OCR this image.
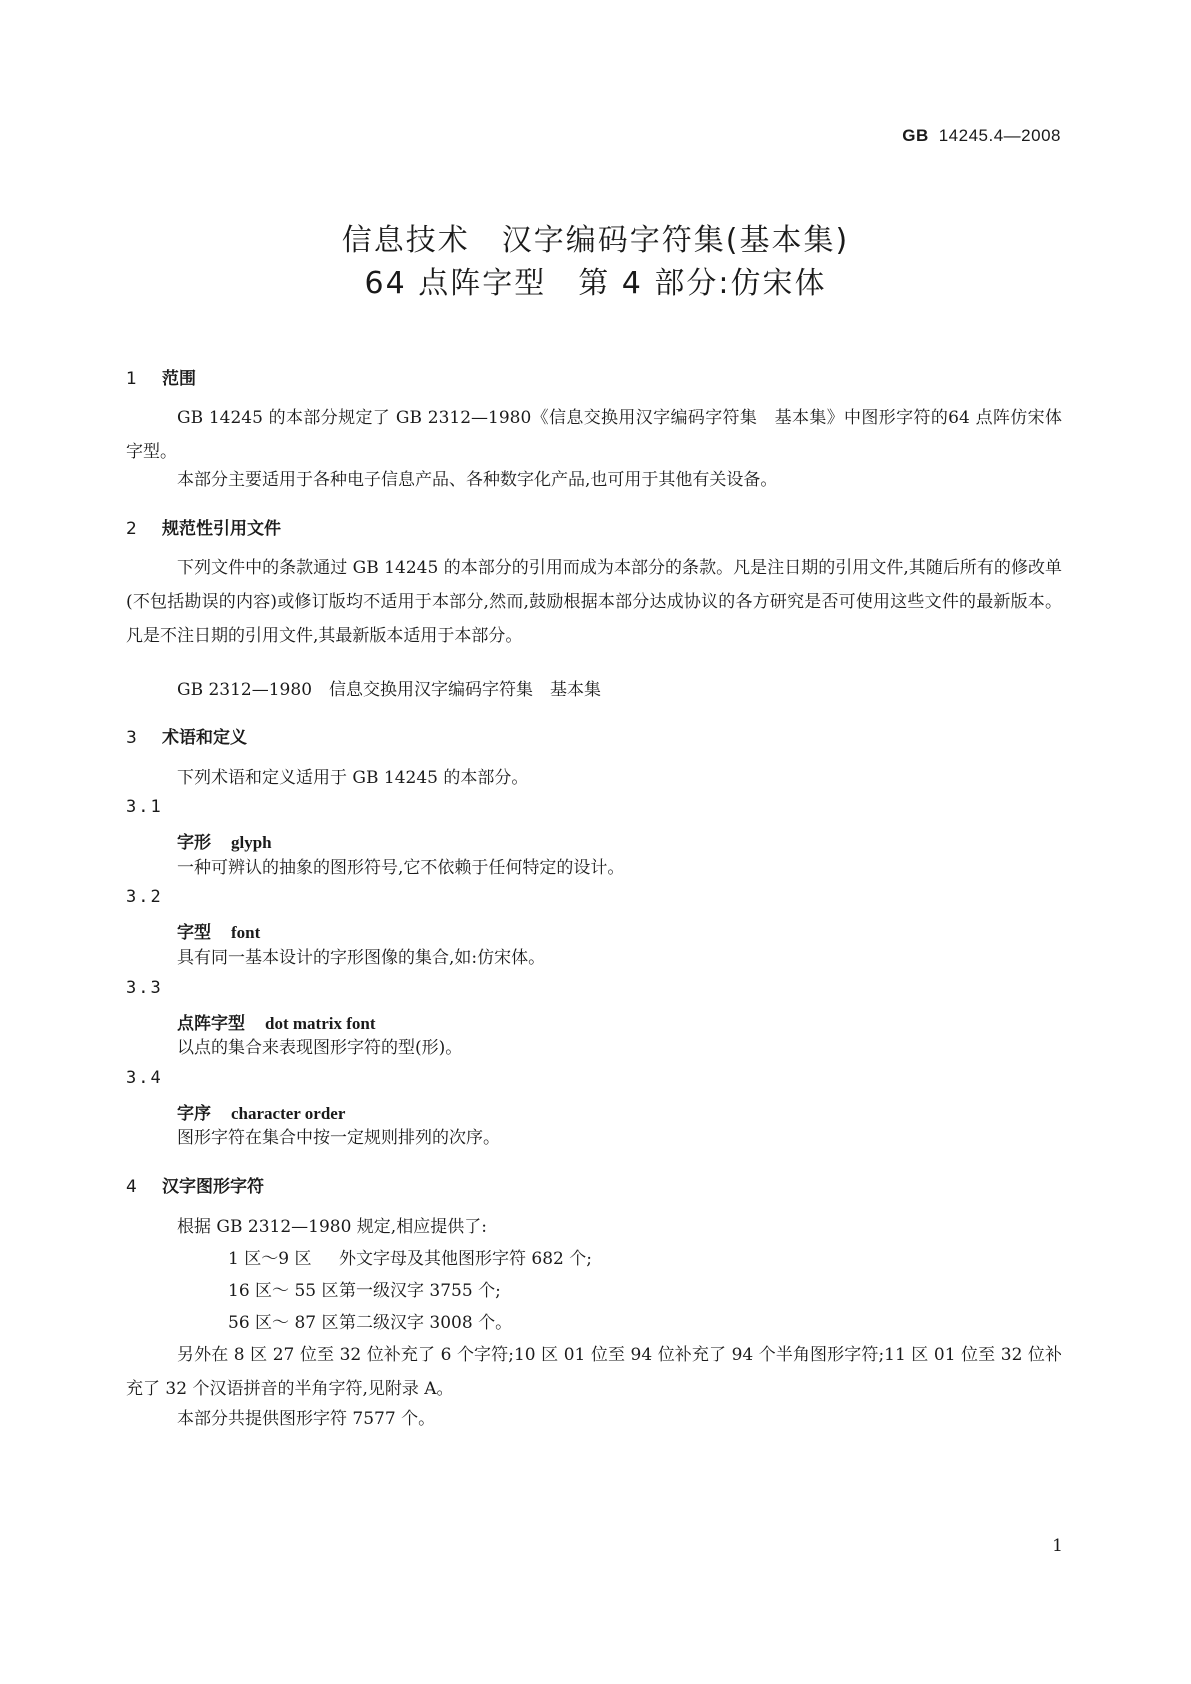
GB 14245.4—2008
信息技术　汉字编码字符集(基本集)
64 点阵字型　第 4 部分:仿宋体
1 范围
GB 14245 的本部分规定了 GB 2312—1980《信息交换用汉字编码字符集　基本集》中图形字符的64 点阵仿宋体字型。
本部分主要适用于各种电子信息产品、各种数字化产品,也可用于其他有关设备。
2 规范性引用文件
下列文件中的条款通过 GB 14245 的本部分的引用而成为本部分的条款。凡是注日期的引用文件,其随后所有的修改单(不包括勘误的内容)或修订版均不适用于本部分,然而,鼓励根据本部分达成协议的各方研究是否可使用这些文件的最新版本。凡是不注日期的引用文件,其最新版本适用于本部分。
GB 2312—1980　信息交换用汉字编码字符集　基本集
3 术语和定义
下列术语和定义适用于 GB 14245 的本部分。
3.1
字形 glyph
一种可辨认的抽象的图形符号,它不依赖于任何特定的设计。
3.2
字型 font
具有同一基本设计的字形图像的集合,如:仿宋体。
3.3
点阵字型 dot matrix font
以点的集合来表现图形字符的型(形)。
3.4
字序 character order
图形字符在集合中按一定规则排列的次序。
4 汉字图形字符
根据 GB 2312—1980 规定,相应提供了:
1 区～9 区 外文字母及其他图形字符 682 个;
16 区～ 55 区第一级汉字 3755 个;
56 区～ 87 区第二级汉字 3008 个。
另外在 8 区 27 位至 32 位补充了 6 个字符;10 区 01 位至 94 位补充了 94 个半角图形字符;11 区 01 位至 32 位补充了 32 个汉语拼音的半角字符,见附录 A。
本部分共提供图形字符 7577 个。
1
